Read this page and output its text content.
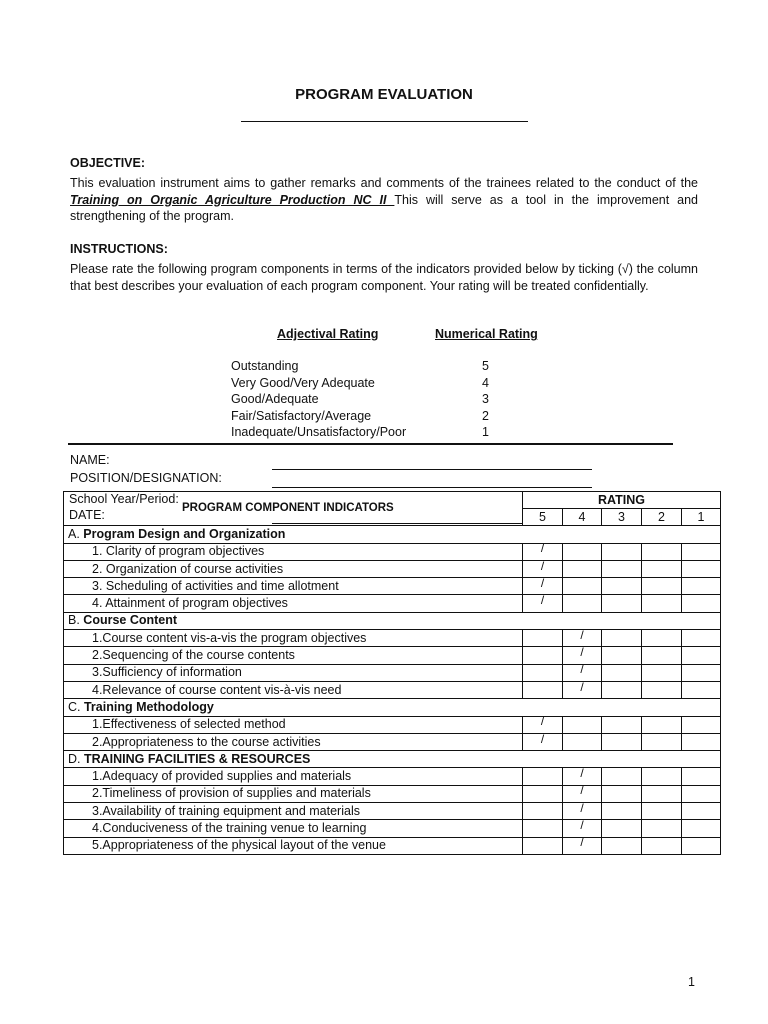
PROGRAM EVALUATION
OBJECTIVE:
This evaluation instrument aims to gather remarks and comments of the trainees related to the conduct of the Training on Organic Agriculture Production NC II This will serve as a tool in the improvement and strengthening of the program.
INSTRUCTIONS:
Please rate the following program components in terms of the indicators provided below by ticking (√) the column that best describes your evaluation of each program component. Your rating will be treated confidentially.
Adjectival Rating	Numerical Rating
Outstanding	5
Very Good/Very Adequate	4
Good/Adequate	3
Fair/Satisfactory/Average	2
Inadequate/Unsatisfactory/Poor	1
NAME:
POSITION/DESIGNATION:
School Year/Period:
DATE: PROGRAM COMPONENT INDICATORS	RATING				
	5	4	3	2	1
A. Program Design and Organization					
1. Clarity of program objectives	/				
2. Organization of course activities	/				
3. Scheduling of activities and time allotment	/				
4. Attainment of program objectives	/				
B. Course Content					
1.Course content vis-a-vis the program objectives		/			
2.Sequencing of the course contents		/			
3.Sufficiency of information		/			
4.Relevance of course content vis-à-vis need		/			
C. Training Methodology					
1.Effectiveness of selected method	/				
2.Appropriateness to the course activities	/				
D. TRAINING FACILITIES & RESOURCES					
1.Adequacy of provided supplies and materials		/			
2.Timeliness of provision of supplies and materials		/			
3.Availability of training equipment and materials		/			
4.Conduciveness of the training venue to learning		/			
5.Appropriateness of the physical layout of the venue		/			
1
